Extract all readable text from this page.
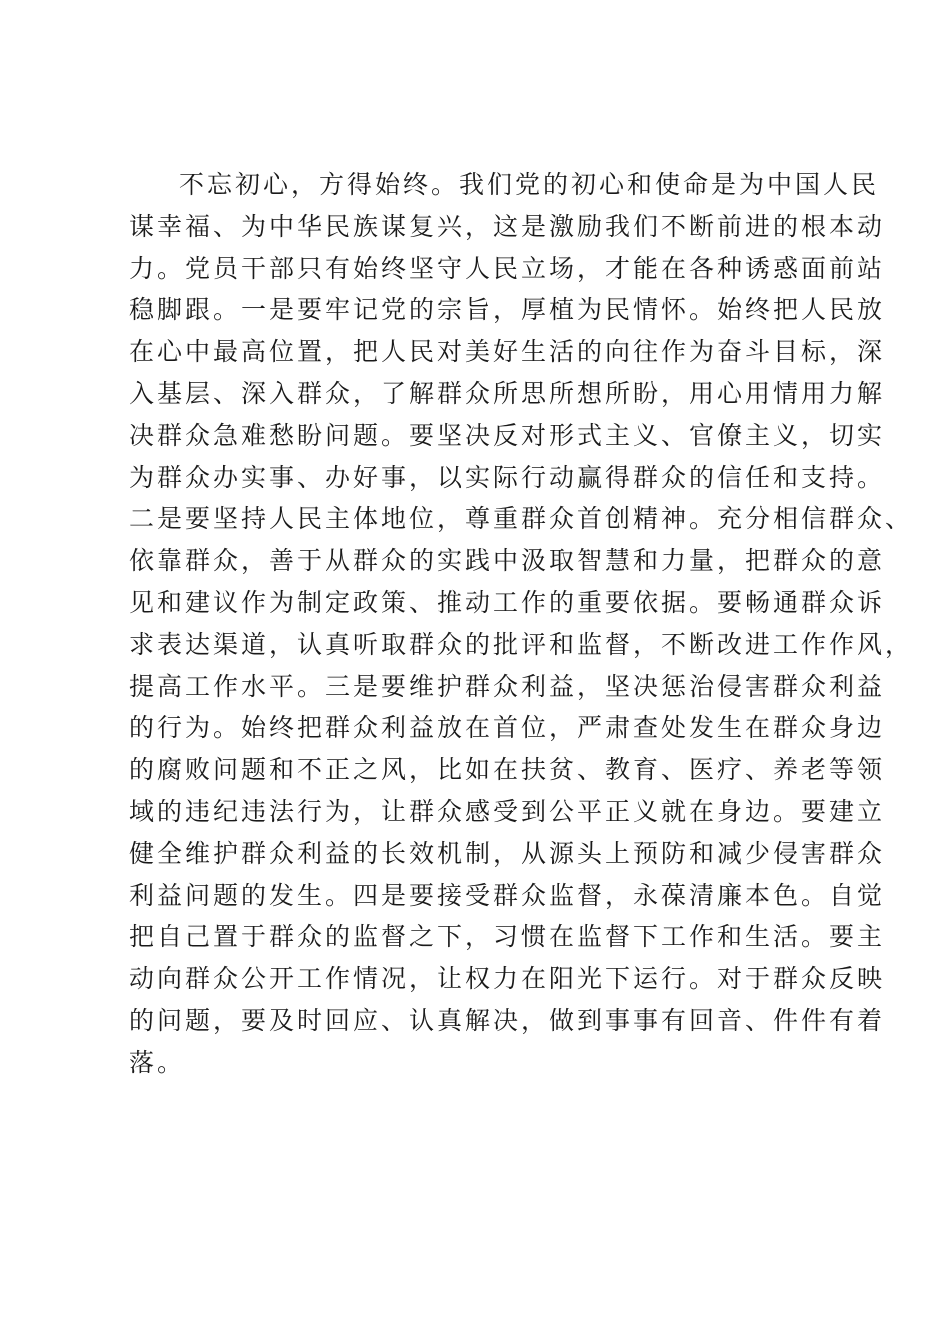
不忘初心，方得始终。我们党的初心和使命是为中国人民
谋幸福、为中华民族谋复兴，这是激励我们不断前进的根本动
力。党员干部只有始终坚守人民立场，才能在各种诱惑面前站
稳脚跟。一是要牢记党的宗旨，厚植为民情怀。始终把人民放
在心中最高位置，把人民对美好生活的向往作为奋斗目标，深
入基层、深入群众，了解群众所思所想所盼，用心用情用力解
决群众急难愁盼问题。要坚决反对形式主义、官僚主义，切实
为群众办实事、办好事，以实际行动赢得群众的信任和支持。
二是要坚持人民主体地位，尊重群众首创精神。充分相信群众、
依靠群众，善于从群众的实践中汲取智慧和力量，把群众的意
见和建议作为制定政策、推动工作的重要依据。要畅通群众诉
求表达渠道，认真听取群众的批评和监督，不断改进工作作风，
提高工作水平。三是要维护群众利益，坚决惩治侵害群众利益
的行为。始终把群众利益放在首位，严肃查处发生在群众身边
的腐败问题和不正之风，比如在扶贫、教育、医疗、养老等领
域的违纪违法行为，让群众感受到公平正义就在身边。要建立
健全维护群众利益的长效机制，从源头上预防和减少侵害群众
利益问题的发生。四是要接受群众监督，永葆清廉本色。自觉
把自己置于群众的监督之下，习惯在监督下工作和生活。要主
动向群众公开工作情况，让权力在阳光下运行。对于群众反映
的问题，要及时回应、认真解决，做到事事有回音、件件有着
落。
